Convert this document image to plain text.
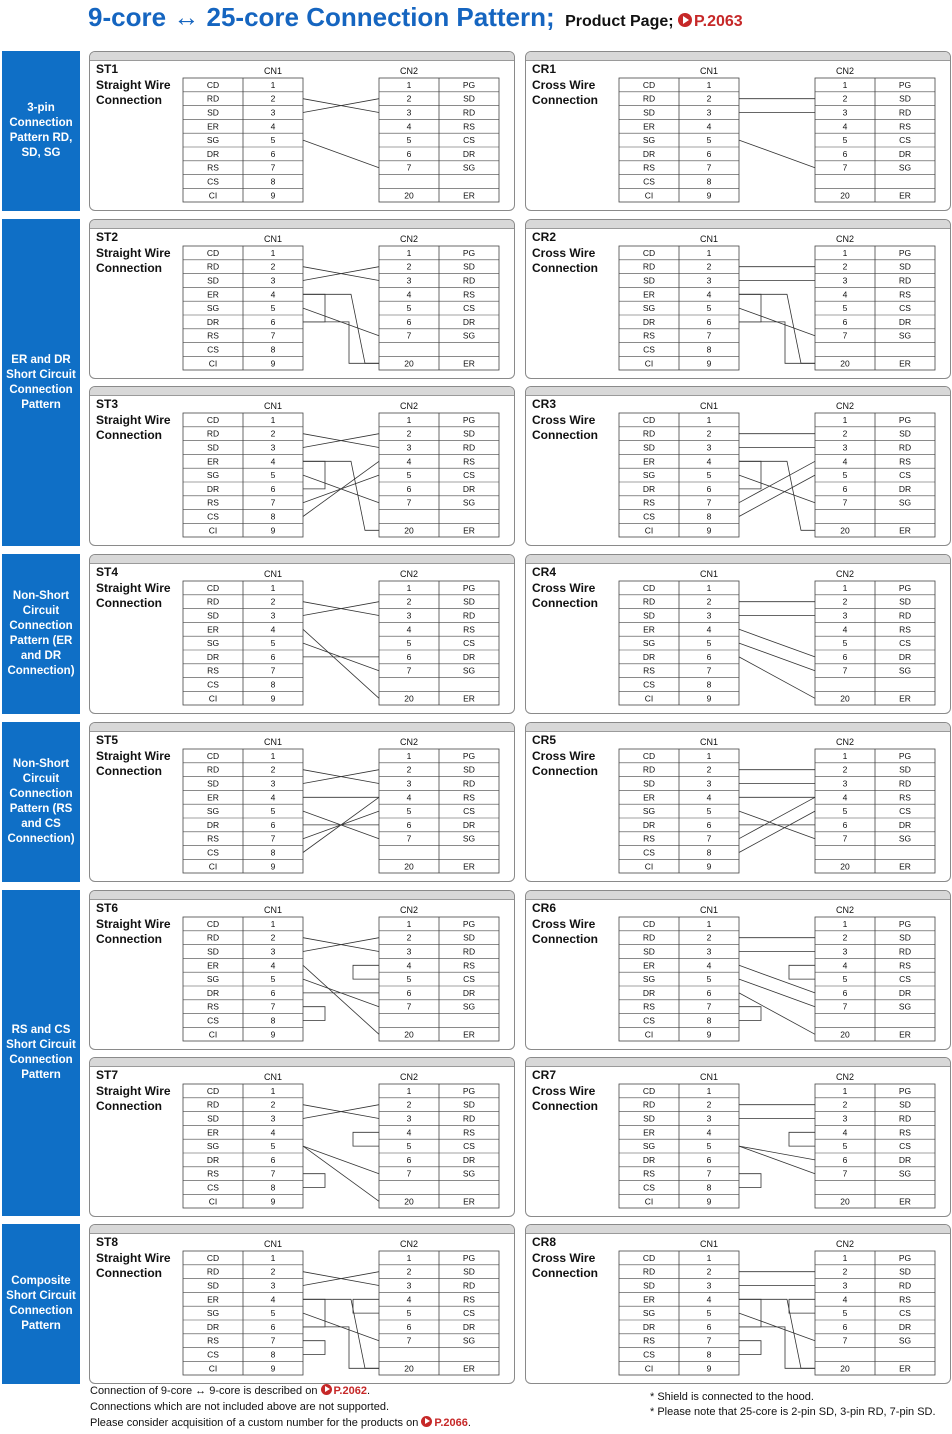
9-core ↔ 25-core Connection Pattern; Product Page; P.2063
3-pin Connection Pattern RD, SD, SG
ER and DR Short Circuit Connection Pattern
Non-Short Circuit Connection Pattern (ER and DR Connection)
Non-Short Circuit Connection Pattern (RS and CS Connection)
RS and CS Short Circuit Connection Pattern
Composite Short Circuit Connection Pattern
ST1
Straight Wire Connection
CN1	CN2
CD	1
RD	2
SD	3
ER	4
SG	5
DR	6
RS	7
CS	8
CI	9
1	PG
2	SD
3	RD
4	RS
5	CS
6	DR
7	SG
20	ER
CR1
Cross Wire Connection
CN1	CN2
CD	1
RD	2
SD	3
ER	4
SG	5
DR	6
RS	7
CS	8
CI	9
1	PG
2	SD
3	RD
4	RS
5	CS
6	DR
7	SG
20	ER
ST2
Straight Wire Connection
CN1	CN2
CD	1
RD	2
SD	3
ER	4
SG	5
DR	6
RS	7
CS	8
CI	9
1	PG
2	SD
3	RD
4	RS
5	CS
6	DR
7	SG
20	ER
CR2
Cross Wire Connection
CN1	CN2
CD	1
RD	2
SD	3
ER	4
SG	5
DR	6
RS	7
CS	8
CI	9
1	PG
2	SD
3	RD
4	RS
5	CS
6	DR
7	SG
20	ER
ST3
Straight Wire Connection
CN1	CN2
CD	1
RD	2
SD	3
ER	4
SG	5
DR	6
RS	7
CS	8
CI	9
1	PG
2	SD
3	RD
4	RS
5	CS
6	DR
7	SG
20	ER
CR3
Cross Wire Connection
CN1	CN2
CD	1
RD	2
SD	3
ER	4
SG	5
DR	6
RS	7
CS	8
CI	9
1	PG
2	SD
3	RD
4	RS
5	CS
6	DR
7	SG
20	ER
ST4
Straight Wire Connection
CN1	CN2
CD	1
RD	2
SD	3
ER	4
SG	5
DR	6
RS	7
CS	8
CI	9
1	PG
2	SD
3	RD
4	RS
5	CS
6	DR
7	SG
20	ER
CR4
Cross Wire Connection
CN1	CN2
CD	1
RD	2
SD	3
ER	4
SG	5
DR	6
RS	7
CS	8
CI	9
1	PG
2	SD
3	RD
4	RS
5	CS
6	DR
7	SG
20	ER
ST5
Straight Wire Connection
CN1	CN2
CD	1
RD	2
SD	3
ER	4
SG	5
DR	6
RS	7
CS	8
CI	9
1	PG
2	SD
3	RD
4	RS
5	CS
6	DR
7	SG
20	ER
CR5
Cross Wire Connection
CN1	CN2
CD	1
RD	2
SD	3
ER	4
SG	5
DR	6
RS	7
CS	8
CI	9
1	PG
2	SD
3	RD
4	RS
5	CS
6	DR
7	SG
20	ER
ST6
Straight Wire Connection
CN1	CN2
CD	1
RD	2
SD	3
ER	4
SG	5
DR	6
RS	7
CS	8
CI	9
1	PG
2	SD
3	RD
4	RS
5	CS
6	DR
7	SG
20	ER
CR6
Cross Wire Connection
CN1	CN2
CD	1
RD	2
SD	3
ER	4
SG	5
DR	6
RS	7
CS	8
CI	9
1	PG
2	SD
3	RD
4	RS
5	CS
6	DR
7	SG
20	ER
ST7
Straight Wire Connection
CN1	CN2
CD	1
RD	2
SD	3
ER	4
SG	5
DR	6
RS	7
CS	8
CI	9
1	PG
2	SD
3	RD
4	RS
5	CS
6	DR
7	SG
20	ER
CR7
Cross Wire Connection
CN1	CN2
CD	1
RD	2
SD	3
ER	4
SG	5
DR	6
RS	7
CS	8
CI	9
1	PG
2	SD
3	RD
4	RS
5	CS
6	DR
7	SG
20	ER
ST8
Straight Wire Connection
CN1	CN2
CD	1
RD	2
SD	3
ER	4
SG	5
DR	6
RS	7
CS	8
CI	9
1	PG
2	SD
3	RD
4	RS
5	CS
6	DR
7	SG
20	ER
CR8
Cross Wire Connection
CN1	CN2
CD	1
RD	2
SD	3
ER	4
SG	5
DR	6
RS	7
CS	8
CI	9
1	PG
2	SD
3	RD
4	RS
5	CS
6	DR
7	SG
20	ER
Connection of 9-core ↔ 9-core is described on P.2062.
Connections which are not included above are not supported.
Please consider acquisition of a custom number for the products on P.2066.
* Shield is connected to the hood.
* Please note that 25-core is 2-pin SD, 3-pin RD, 7-pin SD.
